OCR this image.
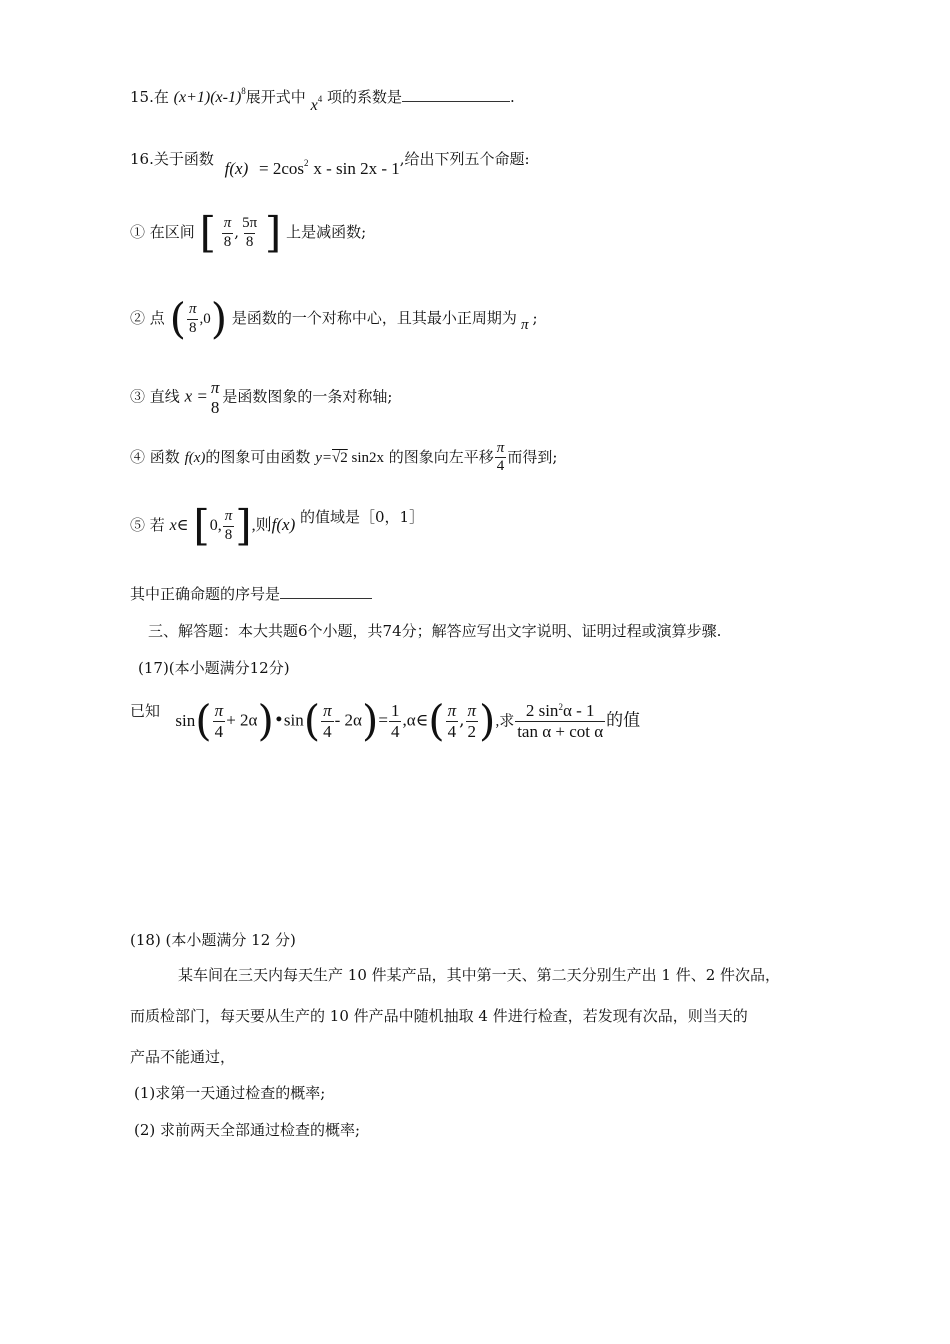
15.在 $(x+1)(x-1)^8$展开式中 x4 项的系数是	.
16.关于函数 f(x) = 2cos2 x - sin 2x - 1,给出下列五个命题:
① 在区间 [ $\frac{\pi}{8}$ , $\frac{5\pi}{8}$ ] 上是减函数;
② 点 ( $\frac{\pi}{8} ,0$) 是函数的一个对称中心，且其最小正周期为 π ;
③ 直线 x = π
8
是函数图象的一条对称轴;
④ 函数 f(x)的图象可由函数 y=√2 sin2x 的图象向左平移 $\frac{\pi}{4}$ 而得到;
⑤ 若 x∈ [0, $\frac{\pi}{8}$ ],则f(x) 的值域是［0，1］
其中正确命题的序号是
三、解答题：本大共题6个小题，共74分；解答应写出文字说明、证明过程或演算步骤.
(17)(本小题满分12分)
已知 $\sin( \frac{\pi}{4}$ + 2α)•sin( $\frac{\pi}{4} - 2\alpha)= \frac{1}{4}$ ,α∈( $\frac{\pi}{4}$ , $\frac{\pi}{2}$ ),求 $\frac{2 \sin^2\alpha - 1}{\text{tan α + cot α}}$ 的值
(18) (本小题满分 12 分)
某车间在三天内每天生产 10 件某产品，其中第一天、第二天分别生产出 1 件、2 件次品，
而质检部门，每天要从生产的 10 件产品中随机抽取 4 件进行检查，若发现有次品，则当天的
产品不能通过，
(1)求第一天通过检查的概率;
(2) 求前两天全部通过检查的概率;
